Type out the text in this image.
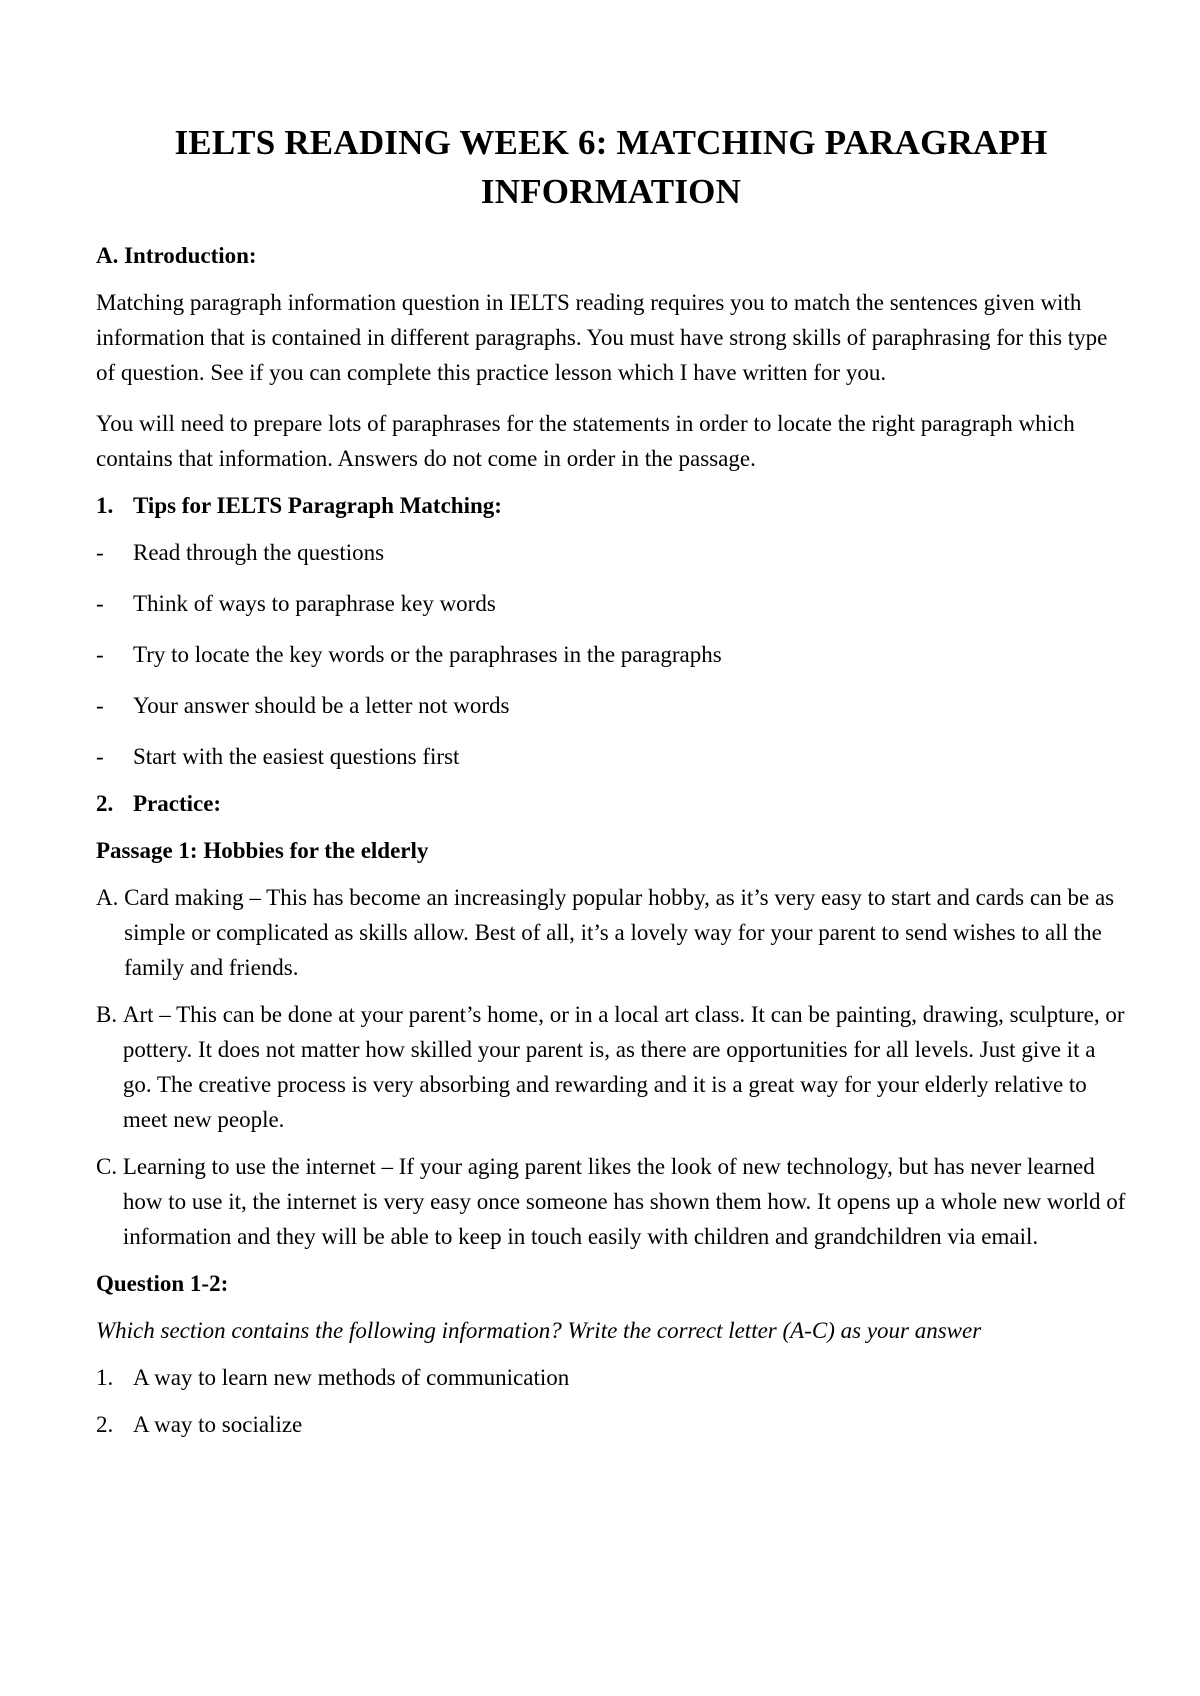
IELTS READING WEEK 6: MATCHING PARAGRAPH
INFORMATION
A. Introduction:

Matching paragraph information question in IELTS reading requires you to match the sentences given with information that is contained in different paragraphs. You must have strong skills of paraphrasing for this type of question. See if you can complete this practice lesson which I have written for you.

You will need to prepare lots of paraphrases for the statements in order to locate the right paragraph which contains that information. Answers do not come in order in the passage.

1. Tips for IELTS Paragraph Matching:
-	Read through the questions
-	Think of ways to paraphrase key words
-	Try to locate the key words or the paraphrases in the paragraphs
-	Your answer should be a letter not words
-	Start with the easiest questions first
2. Practice:
Passage 1: Hobbies for the elderly
A.
Card making – This has become an increasingly popular hobby, as it’s very easy to start and cards can be as simple or complicated as skills allow. Best of all, it’s a lovely way for your parent to send wishes to all the family and friends.
B.
Art – This can be done at your parent’s home, or in a local art class. It can be painting, drawing, sculpture, or pottery. It does not matter how skilled your parent is, as there are opportunities for all levels. Just give it a go. The creative process is very absorbing and rewarding and it is a great way for your elderly relative to meet new people.
C.
Learning to use the internet – If your aging parent likes the look of new technology, but has never learned how to use it, the internet is very easy once someone has shown them how. It opens up a whole new world of information and they will be able to keep in touch easily with children and grandchildren via email.
Question 1-2:
Which section contains the following information? Write the correct letter (A-C) as your answer
1. A way to learn new methods of communication
2. A way to socialize
